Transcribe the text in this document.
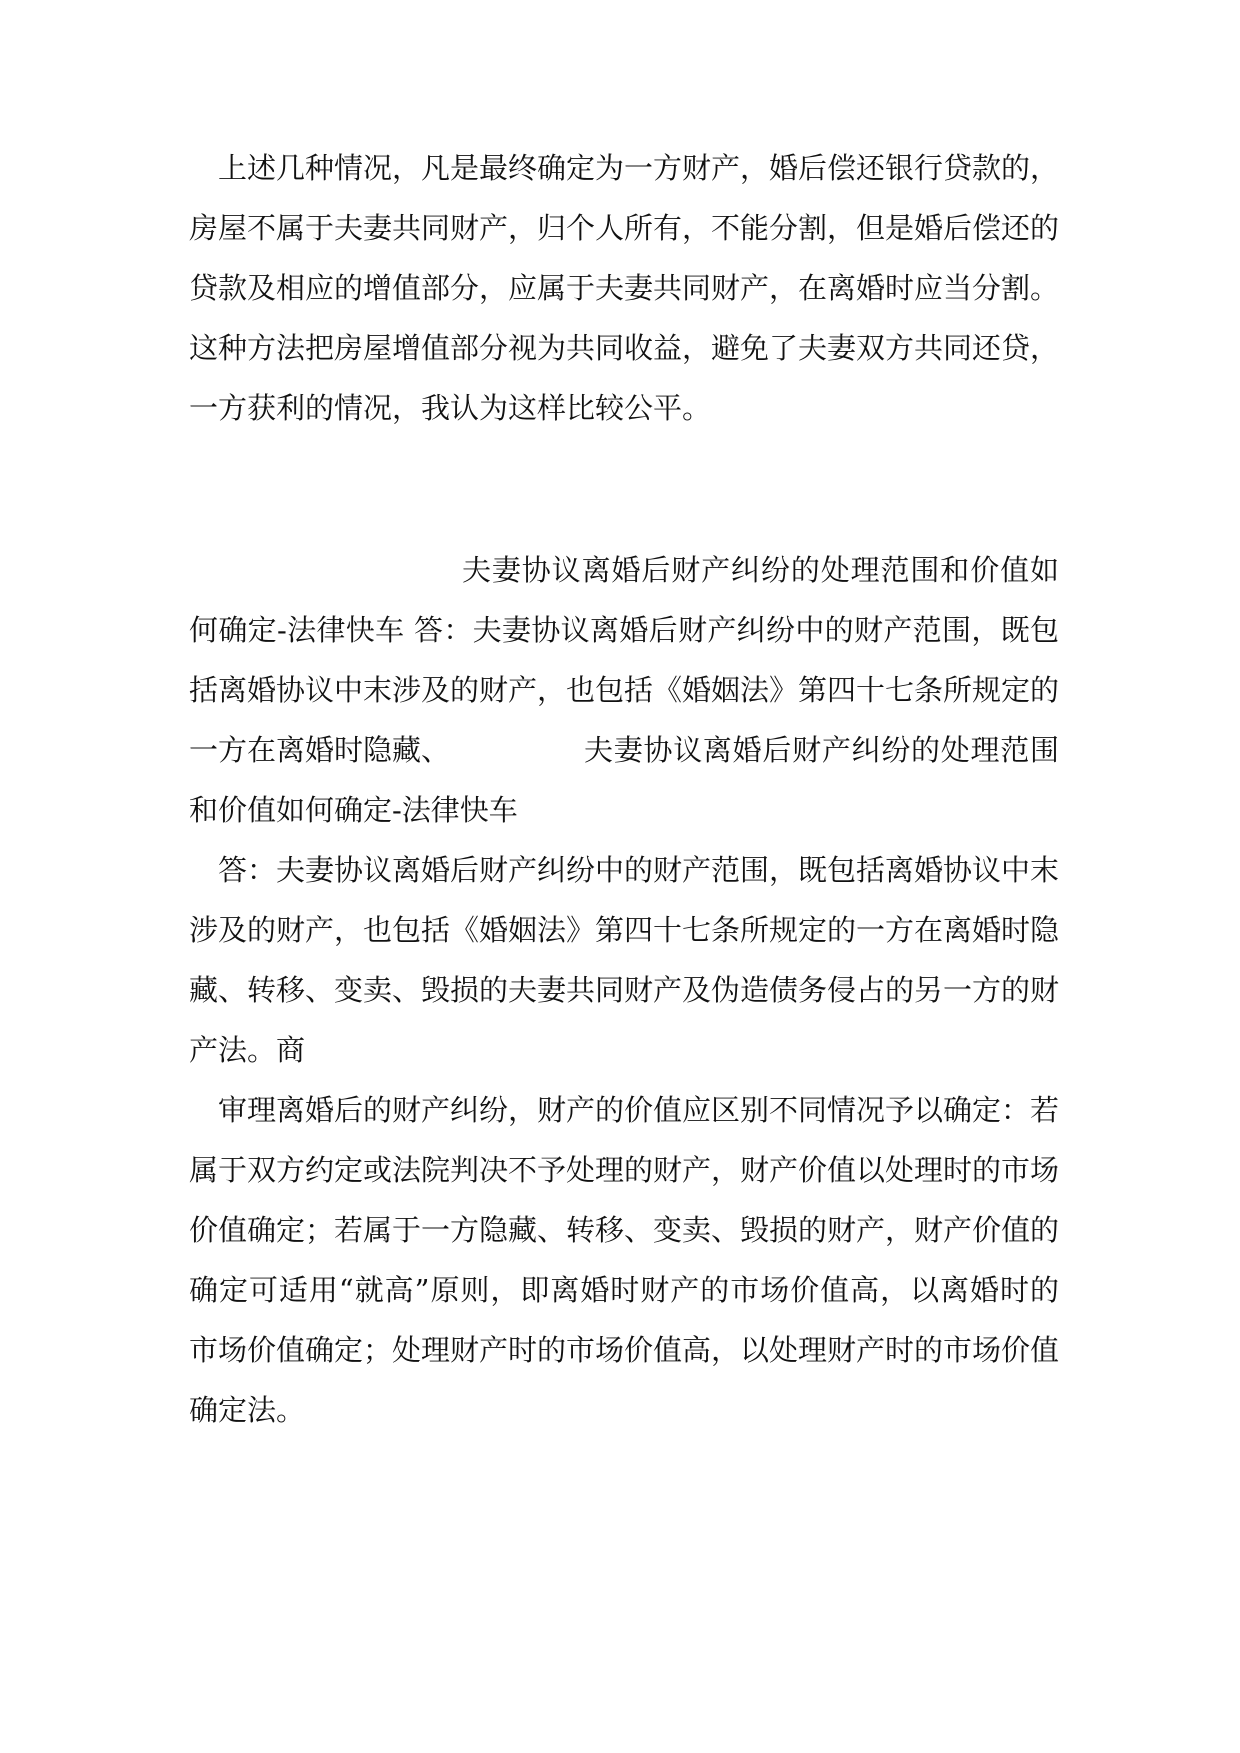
上述几种情况，凡是最终确定为一方财产，婚后偿还银行贷款的，
房屋不属于夫妻共同财产，归个人所有，不能分割，但是婚后偿还的
贷款及相应的增值部分，应属于夫妻共同财产，在离婚时应当分割。
这种方法把房屋增值部分视为共同收益，避免了夫妻双方共同还贷，
一方获利的情况，我认为这样比较公平。
夫妻协议离婚后财产纠纷的处理范围和价值如
何确定-法律快车 答：夫妻协议离婚后财产纠纷中的财产范围，既包
括离婚协议中末涉及的财产，也包括《婚姻法》第四十七条所规定的
一方在离婚时隐藏、	夫妻协议离婚后财产纠纷的处理范围
和价值如何确定-法律快车
答：夫妻协议离婚后财产纠纷中的财产范围，既包括离婚协议中末
涉及的财产，也包括《婚姻法》第四十七条所规定的一方在离婚时隐
藏、转移、变卖、毁损的夫妻共同财产及伪造债务侵占的另一方的财
产法。商
审理离婚后的财产纠纷，财产的价值应区别不同情况予以确定：若
属于双方约定或法院判决不予处理的财产，财产价值以处理时的市场
价值确定；若属于一方隐藏、转移、变卖、毁损的财产，财产价值的
确定可适用“就高”原则，即离婚时财产的市场价值高，以离婚时的
市场价值确定；处理财产时的市场价值高，以处理财产时的市场价值
确定法。
